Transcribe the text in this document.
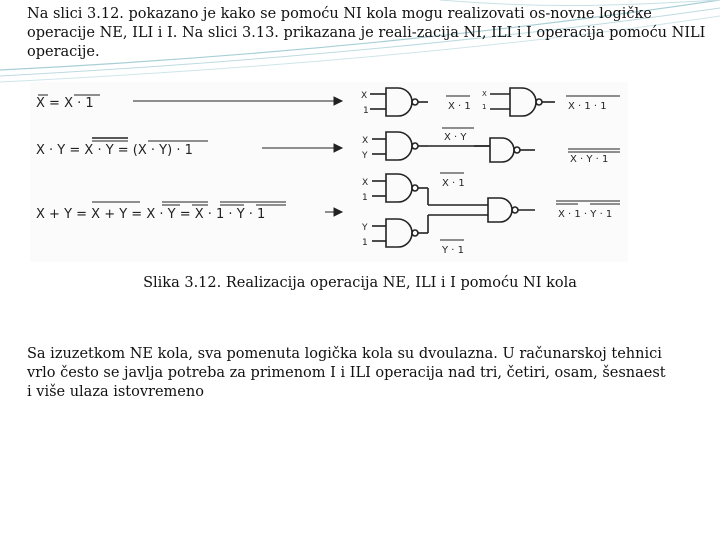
Na slici 3.12. pokazano je kako se pomoću NI kola mogu realizovati os-novne logičke operacije NE, ILI i I. Na slici 3.13. prikazana je reali-zacija NI, ILI i I operacija pomoću NILI operacije.

X = X · 1
X · Y = X · Y = (X · Y) · 1
X + Y = X + Y = X · Y = X · 1 · Y · 1
X
1	X · 1
X
1	X · 1 · 1
X
Y
X · Y
X · Y · 1
X
1
X · 1
Y
1
Y · 1
X · 1 · Y · 1
Slika 3.12. Realizacija operacija NE, ILI i I pomoću NI kola

Sa izuzetkom NE kola, sva pomenuta logička kola su dvoulazna. U računarskoj tehnici vrlo često se javlja potreba za primenom I i ILI operacija nad tri, četiri, osam, šesnaest i više ulaza istovremeno
